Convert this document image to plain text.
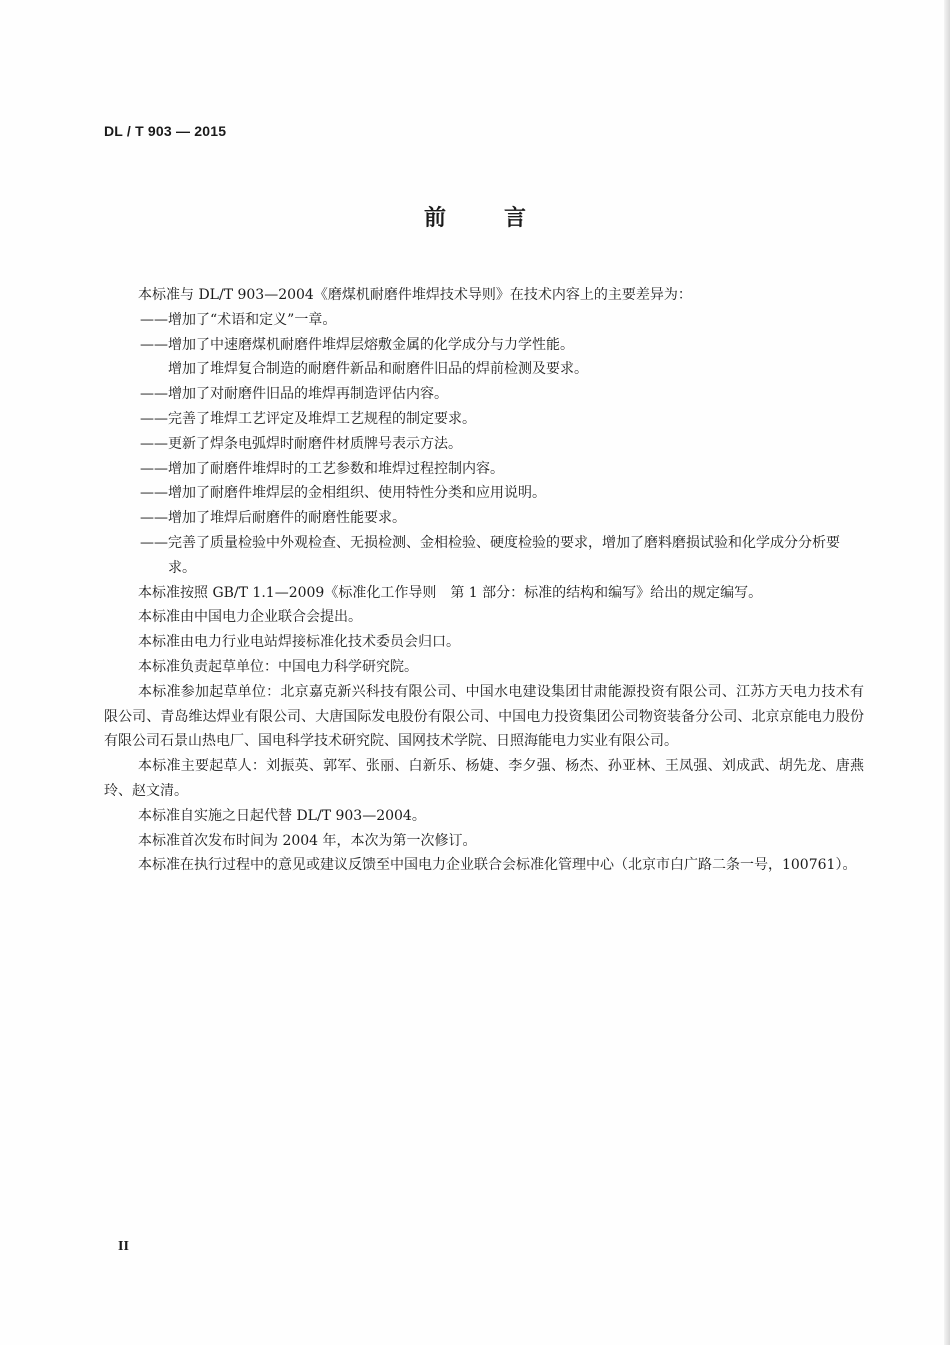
DL / T 903 — 2015
前言

本标准与 DL/T 903—2004《磨煤机耐磨件堆焊技术导则》在技术内容上的主要差异为：

——增加了“术语和定义”一章。

——增加了中速磨煤机耐磨件堆焊层熔敷金属的化学成分与力学性能。

增加了堆焊复合制造的耐磨件新品和耐磨件旧品的焊前检测及要求。

——增加了对耐磨件旧品的堆焊再制造评估内容。

——完善了堆焊工艺评定及堆焊工艺规程的制定要求。

——更新了焊条电弧焊时耐磨件材质牌号表示方法。

——增加了耐磨件堆焊时的工艺参数和堆焊过程控制内容。

——增加了耐磨件堆焊层的金相组织、使用特性分类和应用说明。

——增加了堆焊后耐磨件的耐磨性能要求。

——完善了质量检验中外观检查、无损检测、金相检验、硬度检验的要求，增加了磨料磨损试验和化学成分分析要求。

本标准按照 GB/T 1.1—2009《标准化工作导则　第 1 部分：标准的结构和编写》给出的规定编写。

本标准由中国电力企业联合会提出。

本标准由电力行业电站焊接标准化技术委员会归口。

本标准负责起草单位：中国电力科学研究院。

本标准参加起草单位：北京嘉克新兴科技有限公司、中国水电建设集团甘肃能源投资有限公司、江苏方天电力技术有限公司、青岛维达焊业有限公司、大唐国际发电股份有限公司、中国电力投资集团公司物资装备分公司、北京京能电力股份有限公司石景山热电厂、国电科学技术研究院、国网技术学院、日照海能电力实业有限公司。

本标准主要起草人：刘振英、郭军、张丽、白新乐、杨婕、李夕强、杨杰、孙亚林、王凤强、刘成武、胡先龙、唐燕玲、赵文清。

本标准自实施之日起代替 DL/T 903—2004。

本标准首次发布时间为 2004 年，本次为第一次修订。

本标准在执行过程中的意见或建议反馈至中国电力企业联合会标准化管理中心（北京市白广路二条一号，100761）。

II
